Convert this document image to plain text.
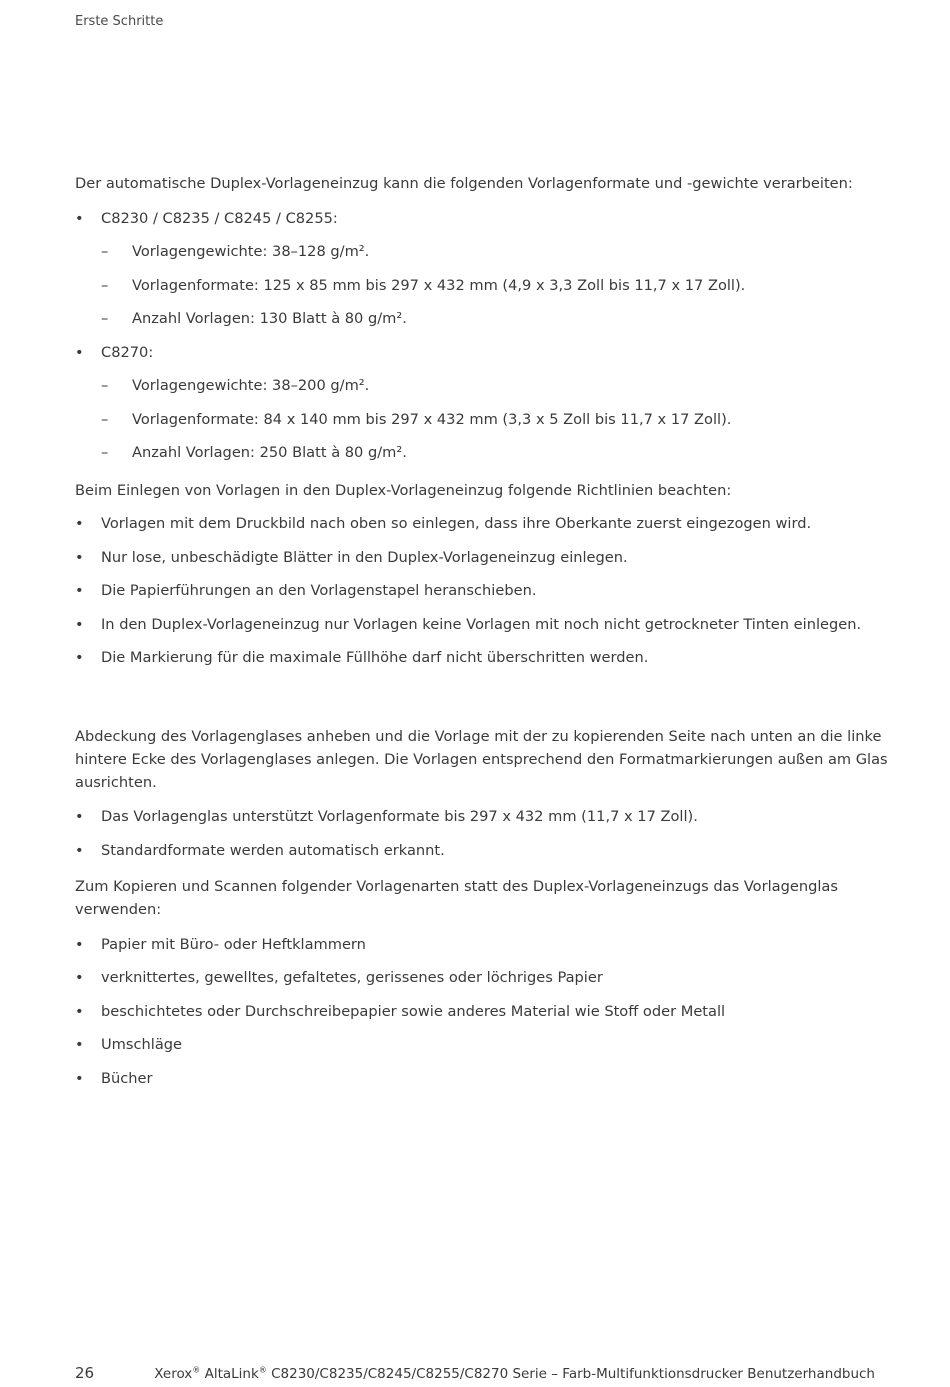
Erste Schritte

Der automatische Duplex-Vorlageneinzug kann die folgenden Vorlagenformate und -gewichte verarbeiten:

•	C8230 / C8235 / C8245 / C8255:
–	Vorlagengewichte: 38–128 g/m².
–	Vorlagenformate: 125 x 85 mm bis 297 x 432 mm (4,9 x 3,3 Zoll bis 11,7 x 17 Zoll).
–	Anzahl Vorlagen: 130 Blatt à 80 g/m².
•	C8270:
–	Vorlagengewichte: 38–200 g/m².
–	Vorlagenformate: 84 x 140 mm bis 297 x 432 mm (3,3 x 5 Zoll bis 11,7 x 17 Zoll).
–	Anzahl Vorlagen: 250 Blatt à 80 g/m².

Beim Einlegen von Vorlagen in den Duplex-Vorlageneinzug folgende Richtlinien beachten:

•	Vorlagen mit dem Druckbild nach oben so einlegen, dass ihre Oberkante zuerst eingezogen wird.
•	Nur lose, unbeschädigte Blätter in den Duplex-Vorlageneinzug einlegen.
•	Die Papierführungen an den Vorlagenstapel heranschieben.
•	In den Duplex-Vorlageneinzug nur Vorlagen keine Vorlagen mit noch nicht getrockneter Tinten einlegen.
•	Die Markierung für die maximale Füllhöhe darf nicht überschritten werden.
Abdeckung des Vorlagenglases anheben und die Vorlage mit der zu kopierenden Seite nach unten an die linke
hintere Ecke des Vorlagenglases anlegen. Die Vorlagen entsprechend den Formatmarkierungen außen am Glas
ausrichten.
•	Das Vorlagenglas unterstützt Vorlagenformate bis 297 x 432 mm (11,7 x 17 Zoll).
•	Standardformate werden automatisch erkannt.
Zum Kopieren und Scannen folgender Vorlagenarten statt des Duplex-Vorlageneinzugs das Vorlagenglas
verwenden:
•	Papier mit Büro- oder Heftklammern
•	verknittertes, gewelltes, gefaltetes, gerissenes oder löchriges Papier
•	beschichtetes oder Durchschreibepapier sowie anderes Material wie Stoff oder Metall
•	Umschläge
•	Bücher
26	Xerox® AltaLink® C8230/C8235/C8245/C8255/C8270 Serie – Farb-Multifunktionsdrucker Benutzerhandbuch
